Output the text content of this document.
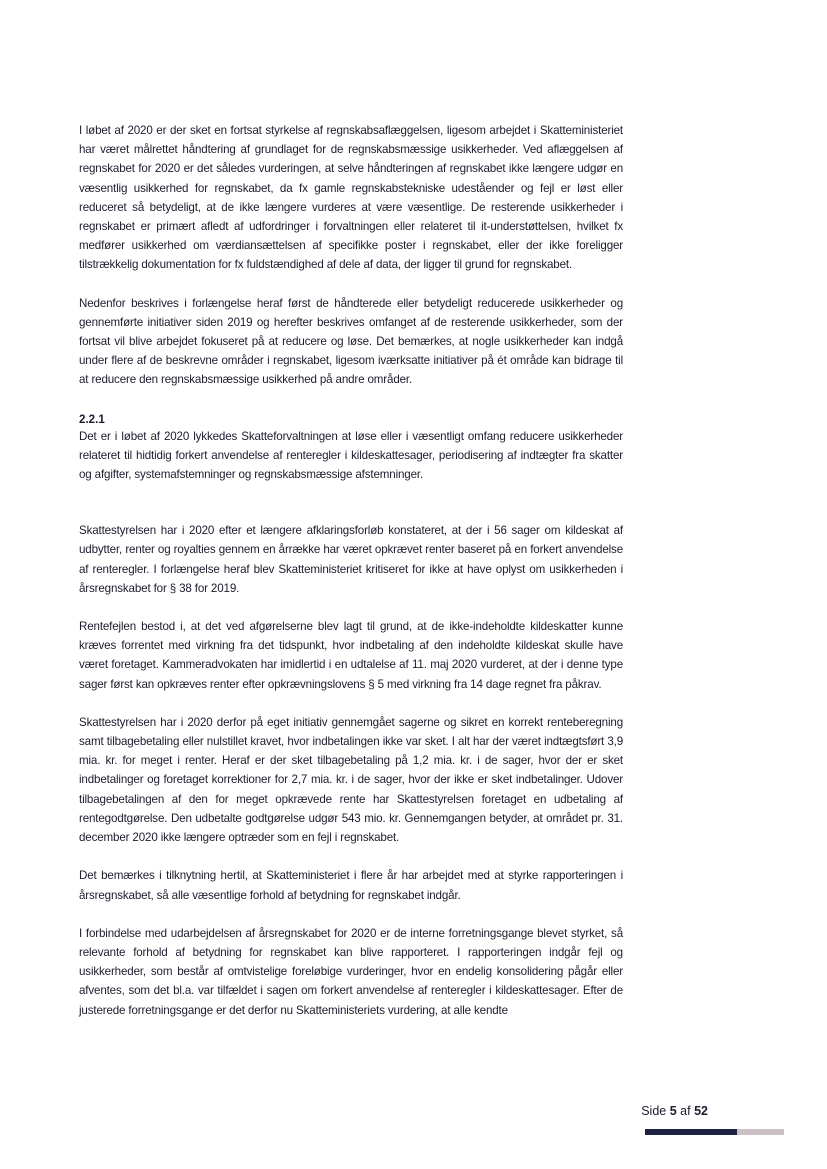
I løbet af 2020 er der sket en fortsat styrkelse af regnskabsaflæggelsen, ligesom arbejdet i Skatteministeriet har været målrettet håndtering af grundlaget for de regnskabsmæssige usikkerheder. Ved aflæggelsen af regnskabet for 2020 er det således vurderingen, at selve håndteringen af regnskabet ikke længere udgør en væsentlig usikkerhed for regnskabet, da fx gamle regnskabstekniske udeståender og fejl er løst eller reduceret så betydeligt, at de ikke længere vurderes at være væsentlige. De resterende usikkerheder i regnskabet er primært afledt af udfordringer i forvaltningen eller relateret til it-understøttelsen, hvilket fx medfører usikkerhed om værdiansættelsen af specifikke poster i regnskabet, eller der ikke foreligger tilstrækkelig dokumentation for fx fuldstændighed af dele af data, der ligger til grund for regnskabet.

Nedenfor beskrives i forlængelse heraf først de håndterede eller betydeligt reducerede usikkerheder og gennemførte initiativer siden 2019 og herefter beskrives omfanget af de resterende usikkerheder, som der fortsat vil blive arbejdet fokuseret på at reducere og løse. Det bemærkes, at nogle usikkerheder kan indgå under flere af de beskrevne områder i regnskabet, ligesom iværksatte initiativer på ét område kan bidrage til at reducere den regnskabsmæssige usikkerhed på andre områder.

2.2.1

Det er i løbet af 2020 lykkedes Skatteforvaltningen at løse eller i væsentligt omfang reducere usikkerheder relateret til hidtidig forkert anvendelse af renteregler i kildeskattesager, periodisering af indtægter fra skatter og afgifter, systemafstemninger og regnskabsmæssige afstemninger.

Skattestyrelsen har i 2020 efter et længere afklaringsforløb konstateret, at der i 56 sager om kildeskat af udbytter, renter og royalties gennem en årrække har været opkrævet renter baseret på en forkert anvendelse af renteregler. I forlængelse heraf blev Skatteministeriet kritiseret for ikke at have oplyst om usikkerheden i årsregnskabet for § 38 for 2019.

Rentefejlen bestod i, at det ved afgørelserne blev lagt til grund, at de ikke-indeholdte kildeskatter kunne kræves forrentet med virkning fra det tidspunkt, hvor indbetaling af den indeholdte kildeskat skulle have været foretaget. Kammeradvokaten har imidlertid i en udtalelse af 11. maj 2020 vurderet, at der i denne type sager først kan opkræves renter efter opkrævningslovens § 5 med virkning fra 14 dage regnet fra påkrav.

Skattestyrelsen har i 2020 derfor på eget initiativ gennemgået sagerne og sikret en korrekt renteberegning samt tilbagebetaling eller nulstillet kravet, hvor indbetalingen ikke var sket. I alt har der været indtægtsført 3,9 mia. kr. for meget i renter. Heraf er der sket tilbagebetaling på 1,2 mia. kr. i de sager, hvor der er sket indbetalinger og foretaget korrektioner for 2,7 mia. kr. i de sager, hvor der ikke er sket indbetalinger. Udover tilbagebetalingen af den for meget opkrævede rente har Skattestyrelsen foretaget en udbetaling af rentegodtgørelse. Den udbetalte godtgørelse udgør 543 mio. kr. Gennemgangen betyder, at området pr. 31. december 2020 ikke længere optræder som en fejl i regnskabet.

Det bemærkes i tilknytning hertil, at Skatteministeriet i flere år har arbejdet med at styrke rapporteringen i årsregnskabet, så alle væsentlige forhold af betydning for regnskabet indgår.

I forbindelse med udarbejdelsen af årsregnskabet for 2020 er de interne forretningsgange blevet styrket, så relevante forhold af betydning for regnskabet kan blive rapporteret. I rapporteringen indgår fejl og usikkerheder, som består af omtvistelige foreløbige vurderinger, hvor en endelig konsolidering pågår eller afventes, som det bl.a. var tilfældet i sagen om forkert anvendelse af renteregler i kildeskattesager. Efter de justerede forretningsgange er det derfor nu Skatteministeriets vurdering, at alle kendte

Side 5 af 52
